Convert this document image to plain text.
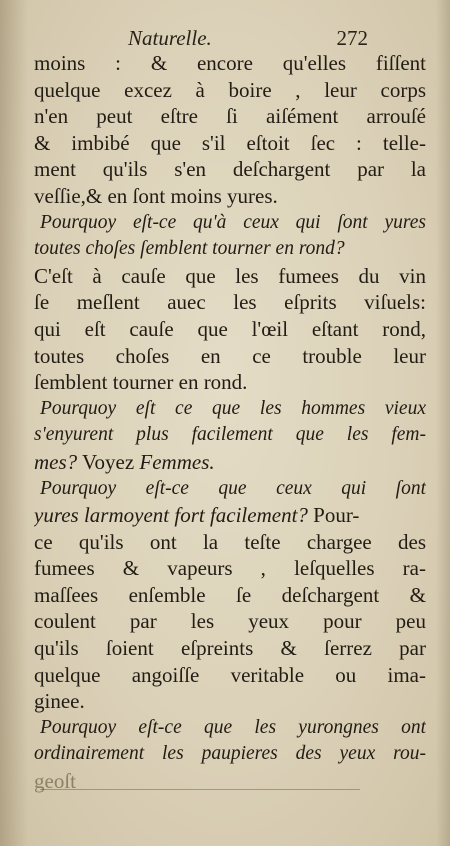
Naturelle.	272
moins : & encore qu'elles fiſſent
quelque excez à boire , leur corps
n'en peut eſtre ſi aiſément arrouſé
& imbibé que s'il eſtoit ſec : telle-
ment qu'ils s'en deſchargent par la
veſſie,& en ſont moins yures.
Pourquoy eſt-ce qu'à ceux qui ſont yures
toutes choſes ſemblent tourner en rond?
C'eſt à cauſe que les fumees du vin
ſe meſlent auec les eſprits viſuels:
qui eſt cauſe que l'œil eſtant rond,
toutes choſes en ce trouble leur
ſemblent tourner en rond.
Pourquoy eſt ce que les hommes vieux
s'enyurent plus facilement que les fem-
mes? Voyez Femmes.
Pourquoy eſt-ce que ceux qui ſont
yures larmoyent fort facilement? Pour-
ce qu'ils ont la teſte chargee des
fumees & vapeurs , leſquelles ra-
maſſees enſemble ſe deſchargent &
coulent par les yeux pour peu
qu'ils ſoient eſpreints & ſerrez par
quelque angoiſſe veritable ou ima-
ginee.
Pourquoy eſt-ce que les yurongnes ont
ordinairement les paupieres des yeux rou-
geoſt
